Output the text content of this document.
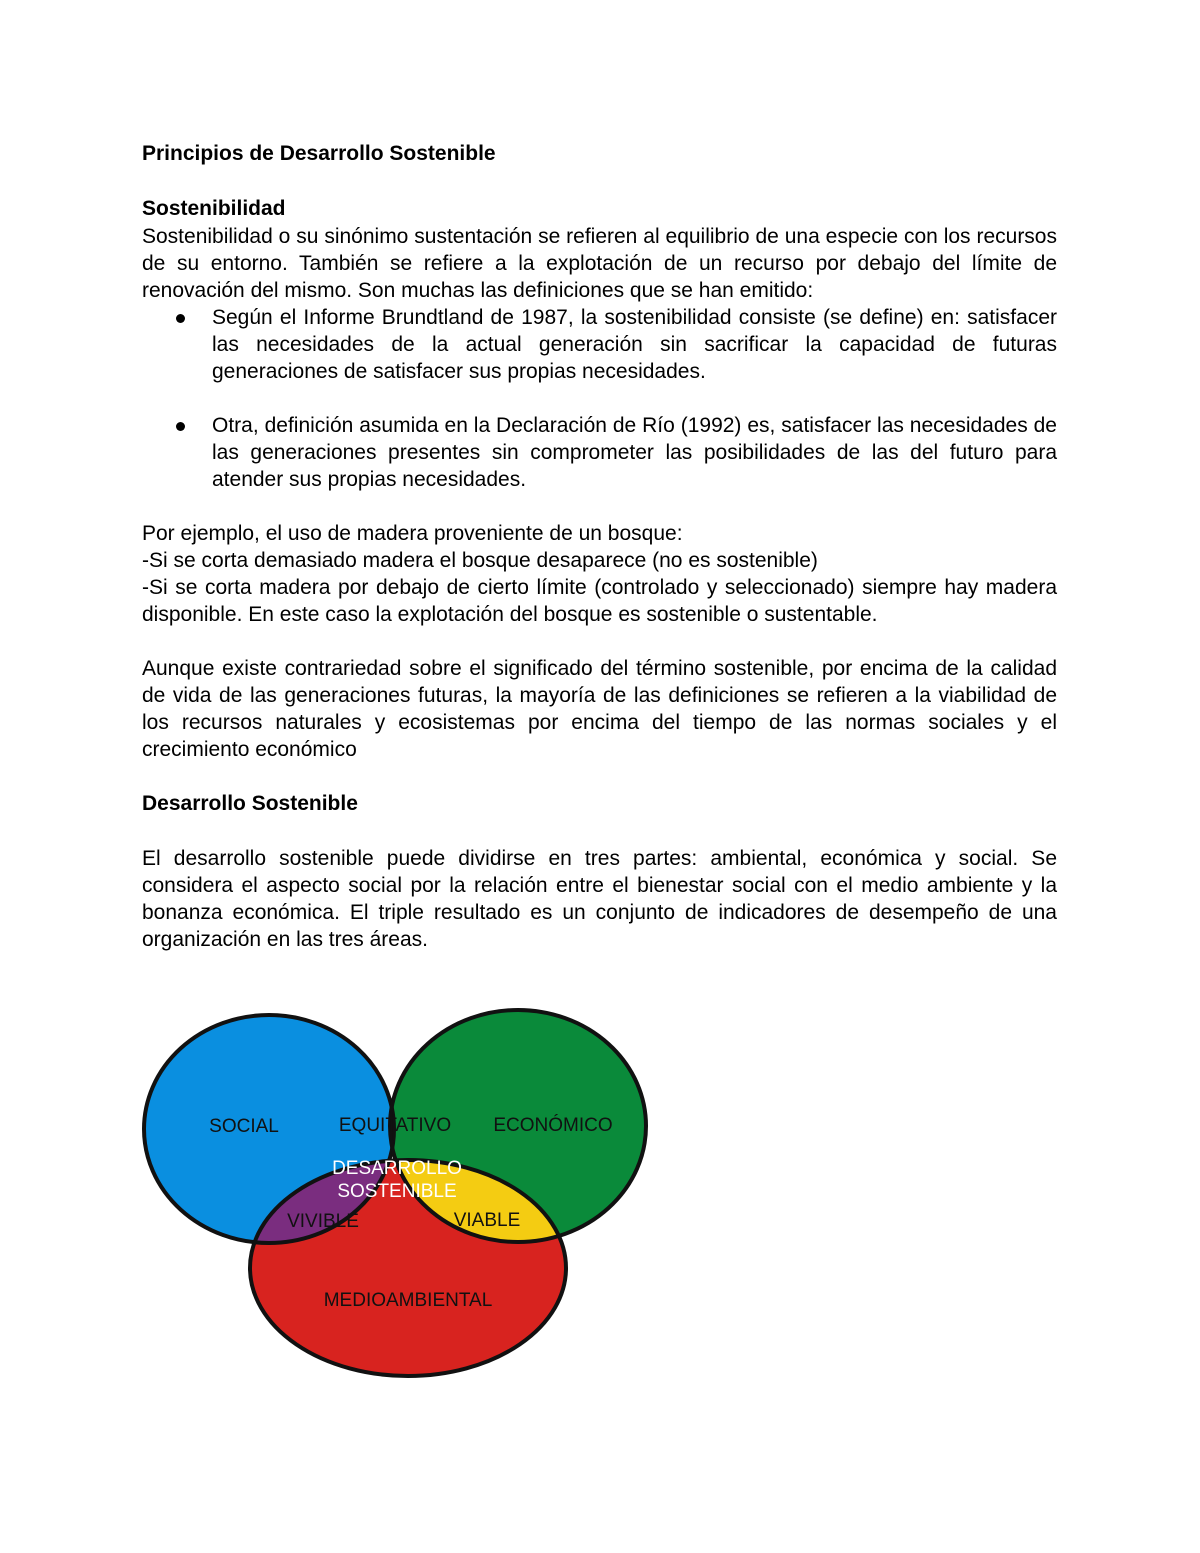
Principios de Desarrollo Sostenible
Sostenibilidad

Sostenibilidad o su sinónimo sustentación se refieren al equilibrio de una especie con los recursos de su entorno. También se refiere a la explotación de un recurso por debajo del límite de renovación del mismo. Son muchas las definiciones que se han emitido:

Según el Informe Brundtland de 1987, la sostenibilidad consiste (se define) en: satisfacer las necesidades de la actual generación sin sacrificar la capacidad de futuras generaciones de satisfacer sus propias necesidades.
Otra, definición asumida en la Declaración de Río (1992) es, satisfacer las necesidades de las generaciones presentes sin comprometer las posibilidades de las del futuro para atender sus propias necesidades.

Por ejemplo, el uso de madera proveniente de un bosque:

-Si se corta demasiado madera el bosque desaparece (no es sostenible)

-Si se corta madera por debajo de cierto límite (controlado y seleccionado) siempre hay madera disponible. En este caso la explotación del bosque es sostenible o sustentable.

Aunque existe contrariedad sobre el significado del término sostenible, por encima de la calidad de vida de las generaciones futuras, la mayoría de las definiciones se refieren a la viabilidad de los recursos naturales y ecosistemas por encima del tiempo de las normas sociales y el crecimiento económico

Desarrollo Sostenible

El desarrollo sostenible puede dividirse en tres partes: ambiental, económica y social. Se considera el aspecto social por la relación entre el bienestar social con el medio ambiente y la bonanza económica. El triple resultado es un conjunto de indicadores de desempeño de una organización en las tres áreas.

SOCIAL	EQUITATIVO ECONÓMICO
DESARROLLO
SOSTENIBLE
VIVIBLE	VIABLE
MEDIOAMBIENTAL
